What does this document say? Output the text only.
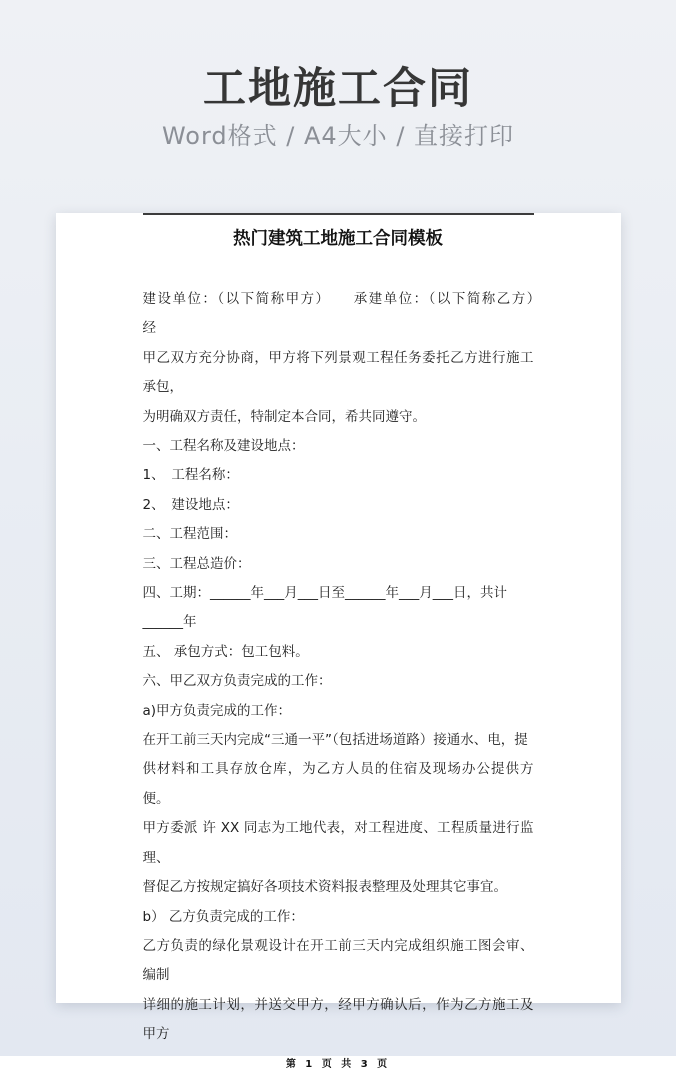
工地施工合同

Word格式 / A4大小 / 直接打印

热门建筑工地施工合同模板
建设单位：（以下简称甲方）　　承建单位：（以下简称乙方）　　经
甲乙双方充分协商，甲方将下列景观工程任务委托乙方进行施工承包，
为明确双方责任，特制定本合同，希共同遵守。
一、工程名称及建设地点：
1、　工程名称：
2、　建设地点：
二、工程范围：
三、工程总造价：
四、工期：______年___月___日至______年___月___日，共计
______年
五、 承包方式：包工包料。
六、甲乙双方负责完成的工作：
a)甲方负责完成的工作：
在开工前三天内完成“三通一平”（包括进场道路）接通水、电，提
供材料和工具存放仓库，为乙方人员的住宿及现场办公提供方便。
甲方委派 许 XX 同志为工地代表，对工程进度、工程质量进行监理、
督促乙方按规定搞好各项技术资料报表整理及处理其它事宜。
b） 乙方负责完成的工作：
乙方负责的绿化景观设计在开工前三天内完成组织施工图会审、编制
详细的施工计划，并送交甲方，经甲方确认后，作为乙方施工及甲方
第 1 页 共 3 页
